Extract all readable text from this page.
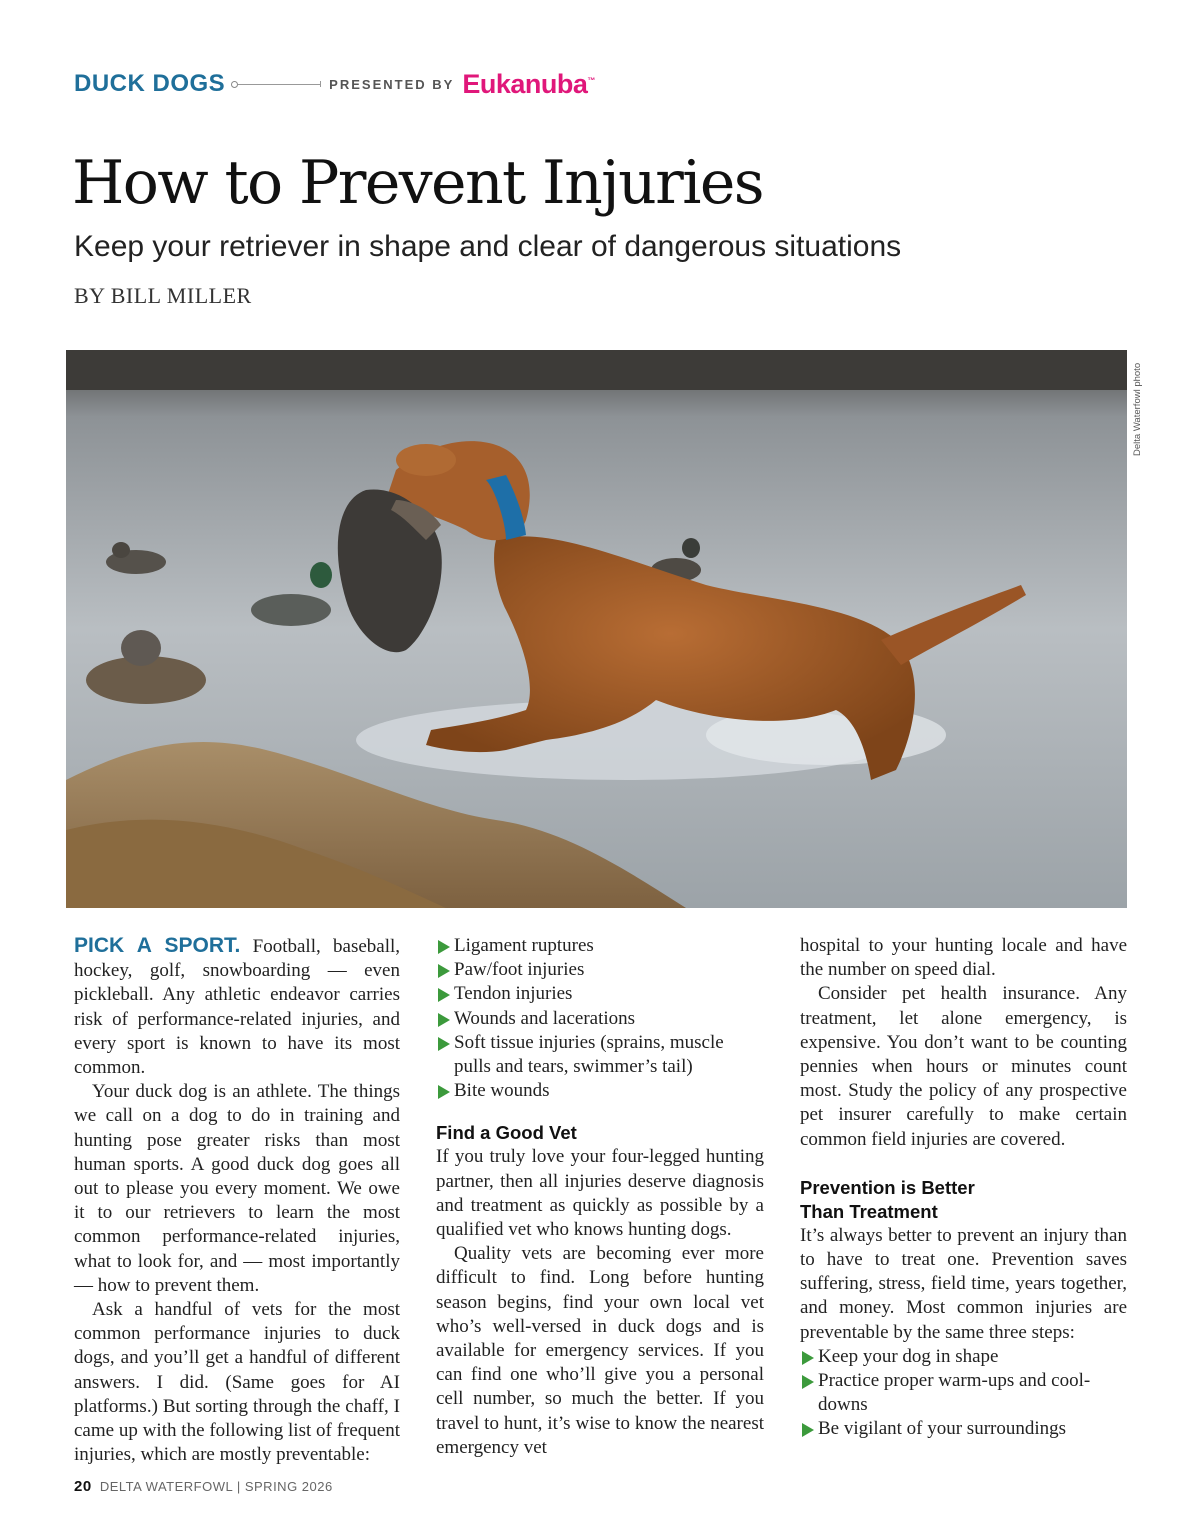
DUCK DOGS	PRESENTED BY Eukanuba™
How to Prevent Injuries

Keep your retriever in shape and clear of dangerous situations

BY BILL MILLER
Delta Waterfowl photo

PICK A SPORT. Football, baseball, hockey, golf, snowboarding — even pickleball. Any athletic endeavor carries risk of performance-related injuries, and every sport is known to have its most common.

Your duck dog is an athlete. The things we call on a dog to do in training and hunting pose greater risks than most human sports. A good duck dog goes all out to please you every moment. We owe it to our retrievers to learn the most common performance-related injuries, what to look for, and — most importantly — how to prevent them.

Ask a handful of vets for the most common performance injuries to duck dogs, and you’ll get a handful of different answers. I did. (Same goes for AI platforms.) But sorting through the chaff, I came up with the following list of frequent injuries, which are mostly preventable:

Ligament ruptures
Paw/foot injuries
Tendon injuries
Wounds and lacerations
Soft tissue injuries (sprains, muscle pulls and tears, swimmer’s tail)
Bite wounds
Find a Good Vet

If you truly love your four-legged hunting partner, then all injuries deserve diagnosis and treatment as quickly as possible by a qualified vet who knows hunting dogs.

Quality vets are becoming ever more difficult to find. Long before hunting season begins, find your own local vet who’s well-versed in duck dogs and is available for emergency services. If you can find one who’ll give you a personal cell number, so much the better. If you travel to hunt, it’s wise to know the nearest emergency vet

hospital to your hunting locale and have the number on speed dial.

Consider pet health insurance. Any treatment, let alone emergency, is expensive. You don’t want to be counting pennies when hours or minutes count most. Study the policy of any prospective pet insurer carefully to make certain common field injuries are covered.

Prevention is Better
Than Treatment

It’s always better to prevent an injury than to have to treat one. Prevention saves suffering, stress, field time, years together, and money. Most common injuries are preventable by the same three steps:

Keep your dog in shape
Practice proper warm-ups and cool-downs
Be vigilant of your surroundings
20 DELTA WATERFOWL | SPRING 2026
